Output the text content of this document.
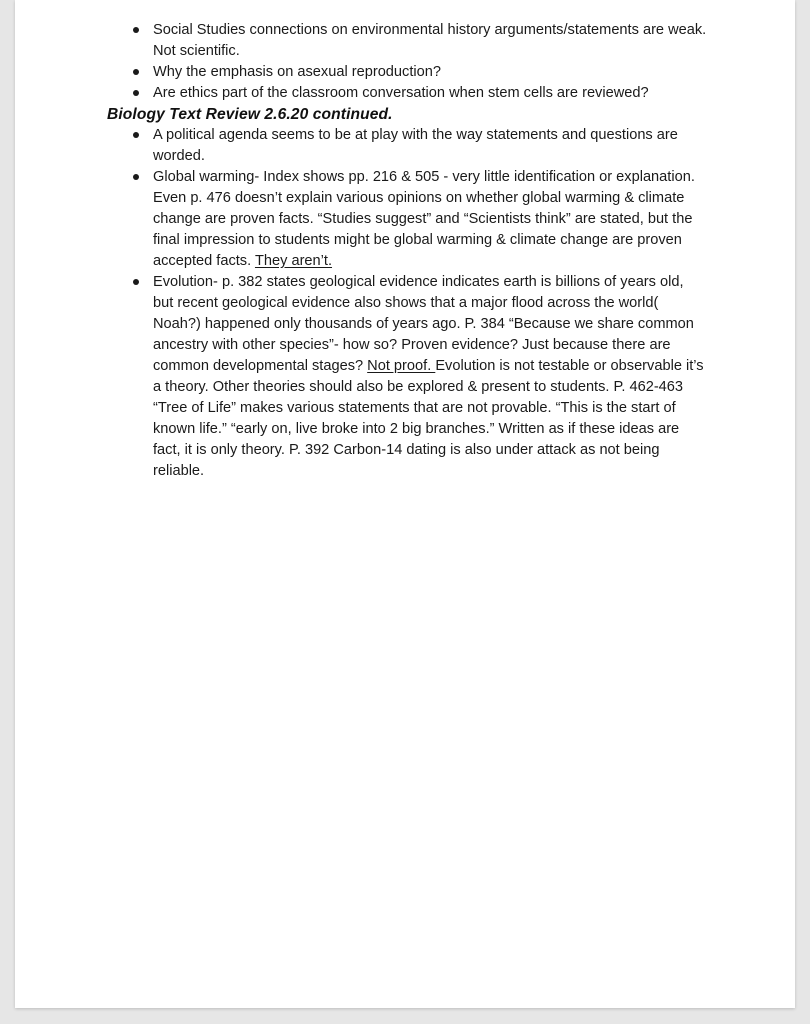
Social Studies connections on environmental history arguments/statements are weak. Not scientific.
Why the emphasis on asexual reproduction?
Are ethics part of the classroom conversation when stem cells are reviewed?
Biology Text Review 2.6.20 continued.
A political agenda seems to be at play with the way statements and questions are worded.
Global warming- Index shows pp. 216 & 505 - very little identification or explanation. Even p. 476 doesn’t explain various opinions on whether global warming & climate change are proven facts. “Studies suggest” and “Scientists think” are stated, but the final impression to students might be global warming & climate change are proven accepted facts. They aren’t.
Evolution- p. 382 states geological evidence indicates earth is billions of years old, but recent geological evidence also shows that a major flood across the world( Noah?) happened only thousands of years ago. P. 384 “Because we share common ancestry with other species”- how so? Proven evidence? Just because there are common developmental stages? Not proof. Evolution is not testable or observable it’s a theory. Other theories should also be explored & present to students. P. 462-463 “Tree of Life” makes various statements that are not provable. “This is the start of known life.” “early on, live broke into 2 big branches.” Written as if these ideas are fact, it is only theory. P. 392 Carbon-14 dating is also under attack as not being reliable.
